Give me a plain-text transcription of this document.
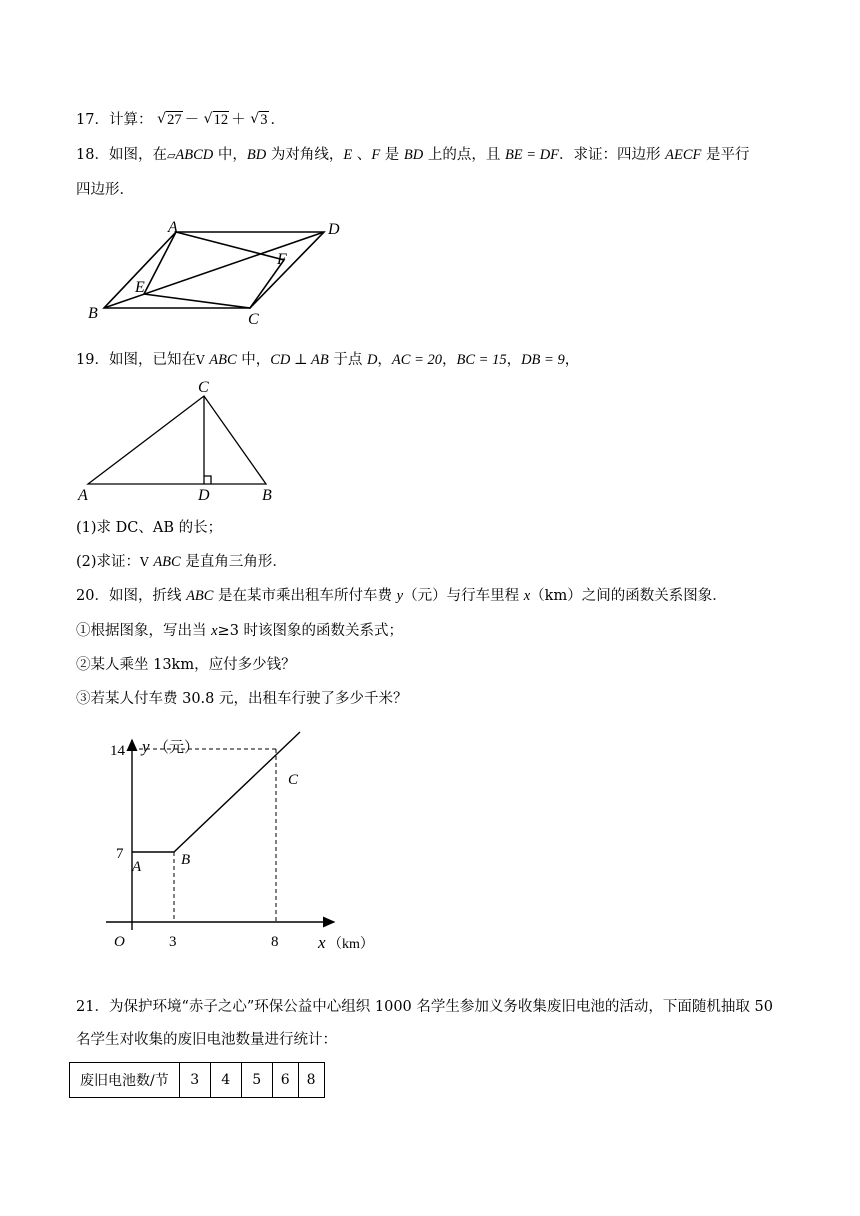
17．计算： √ 27 － √ 12 ＋ √ 3 ．
18．如图，在▱ABCD 中，BD 为对角线，E 、F 是 BD 上的点，且 BE = DF．求证：四边形 AECF 是平行
四边形．
A	D
F
E
B	C
19．如图，已知在V ABC 中，CD ⊥ AB 于点 D，AC = 20，BC = 15，DB = 9，
C
A	D	B
(1)求 DC、AB 的长；
(2)求证：V ABC 是直角三角形．
20．如图，折线 ABC 是在某市乘出租车所付车费 y（元）与行车里程 x（km）之间的函数关系图象．
①根据图象，写出当 x≥3 时该图象的函数关系式；
②某人乘坐 13km，应付多少钱？
③若某人付车费 30.8 元，出租车行驶了多少千米？
y （元）
14
7
A	B
C
O	3	8 x （km）
21．为保护环境“赤子之心”环保公益中心组织 1000 名学生参加义务收集废旧电池的活动，下面随机抽取 50
废旧电池数/节	3	4	5	6	8
名学生对收集的废旧电池数量进行统计：
